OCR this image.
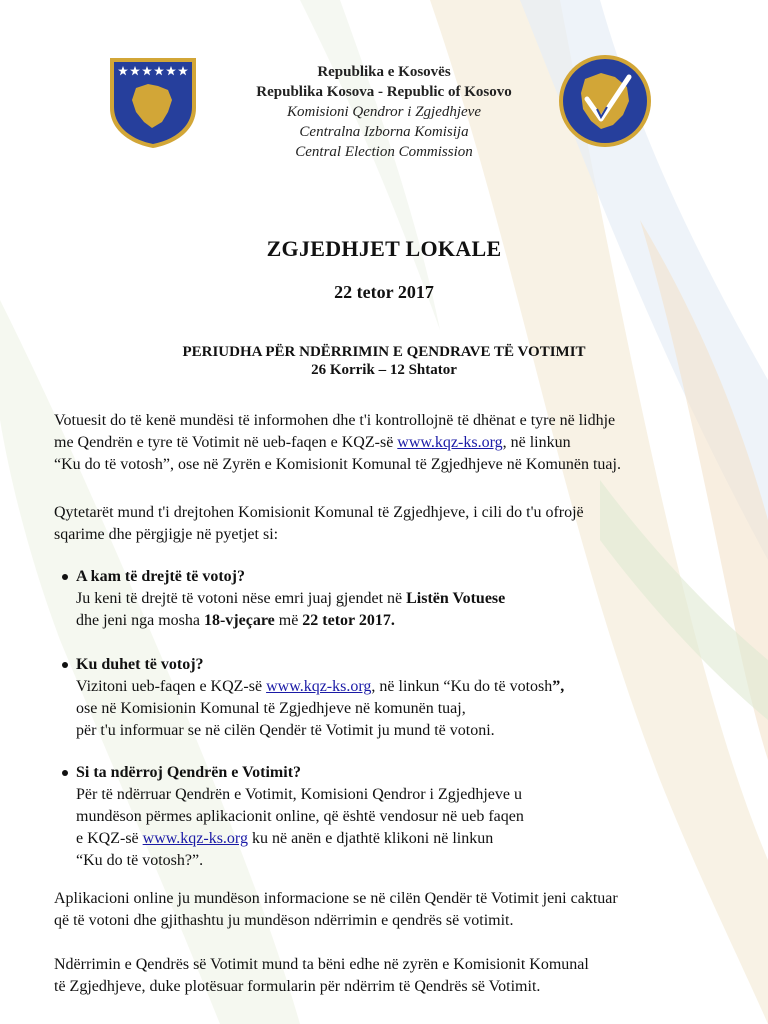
Republika e Kosovës
Republika Kosova - Republic of Kosovo
Komisioni Qendror i Zgjedhjeve
Centralna Izborna Komisija
Central Election Commission
ZGJEDHJET LOKALE
22 tetor 2017
PERIUDHA PËR NDËRRIMIN E QENDRAVE TË VOTIMIT
26 Korrik – 12 Shtator
Votuesit do të kenë mundësi të informohen dhe t'i kontrollojnë të dhënat e tyre në lidhje
me Qendrën e tyre të Votimit në ueb-faqen e KQZ-së www.kqz-ks.org, në linkun
“Ku do të votosh”, ose në Zyrën e Komisionit Komunal të Zgjedhjeve në Komunën tuaj.
Qytetarët mund t'i drejtohen Komisionit Komunal të Zgjedhjeve, i cili do t'u ofrojë
sqarime dhe përgjigje në pyetjet si:
A kam të drejtë të votoj?
Ju keni të drejtë të votoni nëse emri juaj gjendet në Listën Votuese
dhe jeni nga mosha 18-vjeçare më 22 tetor 2017.
Ku duhet të votoj?
Vizitoni ueb-faqen e KQZ-së www.kqz-ks.org, në linkun “Ku do të votosh”,
ose në Komisionin Komunal të Zgjedhjeve në komunën tuaj,
për t'u informuar se në cilën Qendër të Votimit ju mund të votoni.
Si ta ndërroj Qendrën e Votimit?
Për të ndërruar Qendrën e Votimit, Komisioni Qendror i Zgjedhjeve u
mundëson përmes aplikacionit online, që është vendosur në ueb faqen
e KQZ-së www.kqz-ks.org ku në anën e djathtë klikoni në linkun
“Ku do të votosh?”.
Aplikacioni online ju mundëson informacione se në cilën Qendër të Votimit jeni caktuar
që të votoni dhe gjithashtu ju mundëson ndërrimin e qendrës së votimit.
Ndërrimin e Qendrës së Votimit mund ta bëni edhe në zyrën e Komisionit Komunal
të Zgjedhjeve, duke plotësuar formularin për ndërrim të Qendrës së Votimit.
